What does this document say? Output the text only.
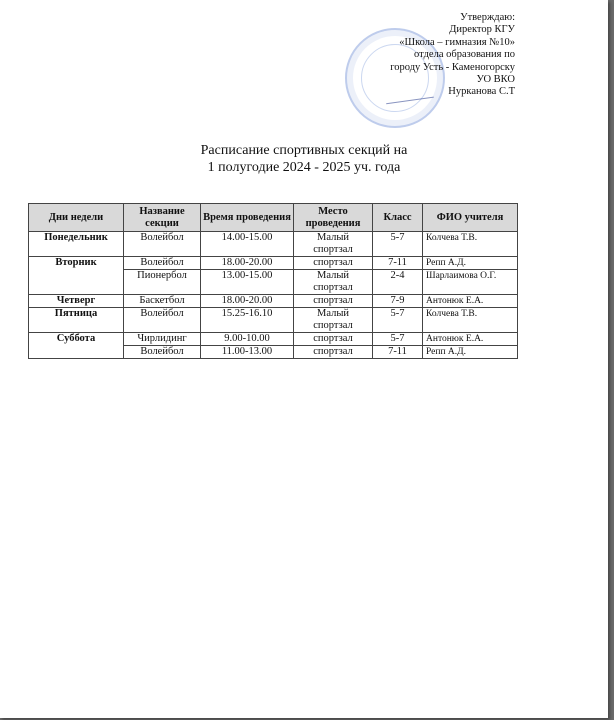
Утверждаю:
Директор КГУ
«Школа – гимназия №10»
отдела образования по
городу Усть - Каменогорску
УО ВКО
Нурканова С.Т
Расписание спортивных секций на
1 полугодие 2024 - 2025 уч. года
Дни недели	Название секции	Время проведения	Место проведения	Класс	ФИО учителя
Понедельник	Волейбол	14.00-15.00	Малый спортзал	5-7	Колчева Т.В.
Вторник	Волейбол	18.00-20.00	спортзал	7-11	Репп А.Д.
	Пионербол	13.00-15.00	Малый спортзал	2-4	Шарлаимова О.Г.
Четверг	Баскетбол	18.00-20.00	спортзал	7-9	Антонюк Е.А.
Пятница	Волейбол	15.25-16.10	Малый спортзал	5-7	Колчева Т.В.
Суббота	Чирлидинг	9.00-10.00	спортзал	5-7	Антонюк Е.А.
	Волейбол	11.00-13.00	спортзал	7-11	Репп А.Д.
